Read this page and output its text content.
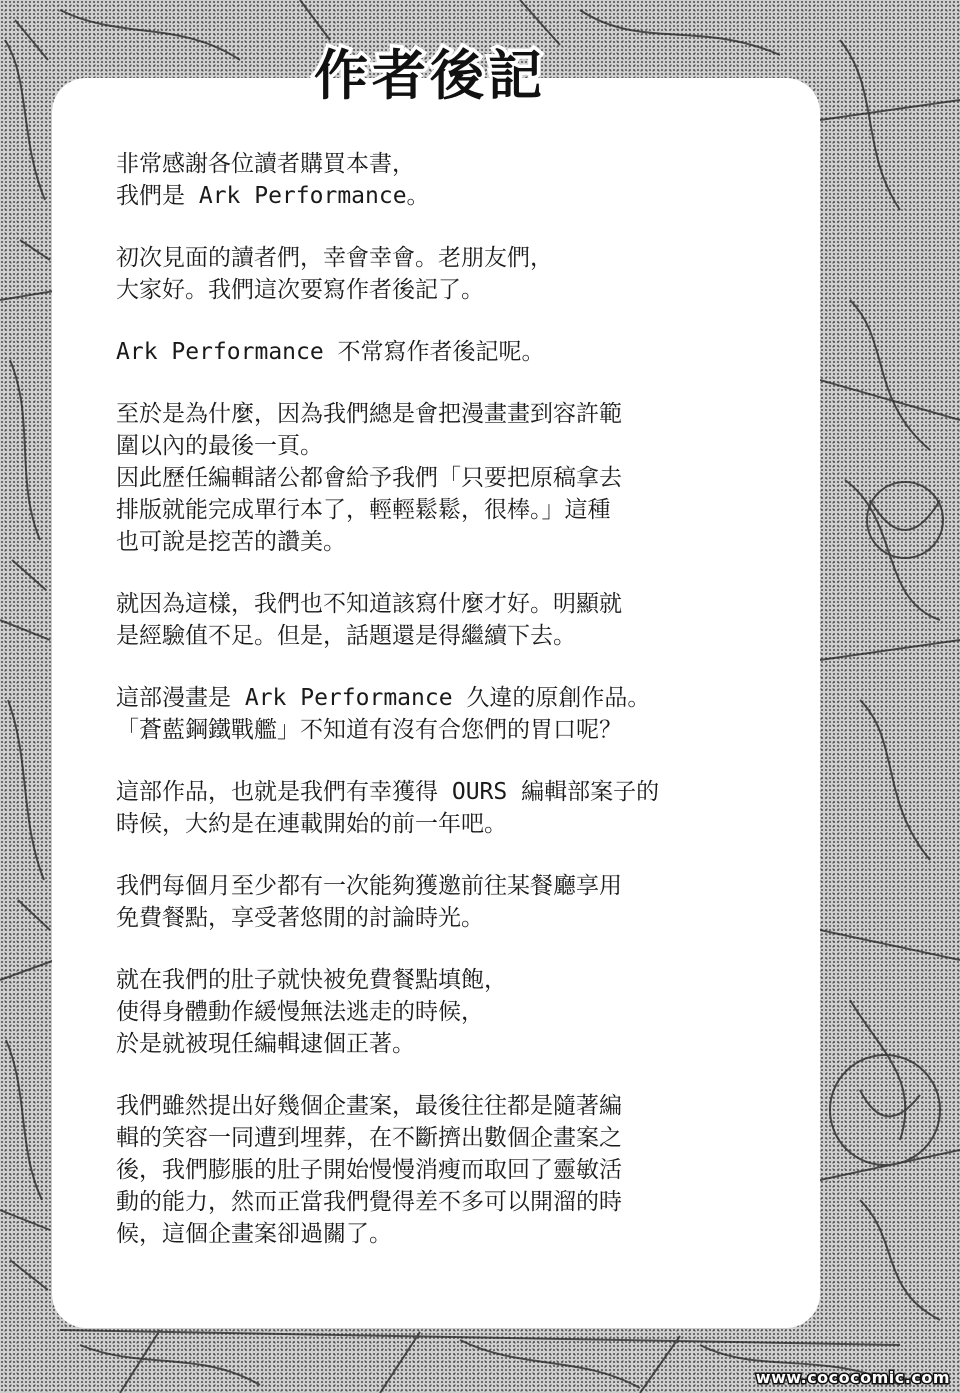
作者後記
非常感謝各位讀者購買本書，
我們是 Ark Performance。
初次見面的讀者們，幸會幸會。老朋友們，
大家好。我們這次要寫作者後記了。
Ark Performance 不常寫作者後記呢。
至於是為什麼，因為我們總是會把漫畫畫到容許範
圍以內的最後一頁。
因此歷任編輯諸公都會給予我們「只要把原稿拿去
排版就能完成單行本了，輕輕鬆鬆，很棒。」這種
也可說是挖苦的讚美。
就因為這樣，我們也不知道該寫什麼才好。明顯就
是經驗值不足。但是，話題還是得繼續下去。
這部漫畫是 Ark Performance 久違的原創作品。
「蒼藍鋼鐵戰艦」不知道有沒有合您們的胃口呢？
這部作品，也就是我們有幸獲得 OURS 編輯部案子的
時候，大約是在連載開始的前一年吧。
我們每個月至少都有一次能夠獲邀前往某餐廳享用
免費餐點，享受著悠閒的討論時光。
就在我們的肚子就快被免費餐點填飽，
使得身體動作緩慢無法逃走的時候，
於是就被現任編輯逮個正著。
我們雖然提出好幾個企畫案，最後往往都是隨著編
輯的笑容一同遭到埋葬，在不斷擠出數個企畫案之
後，我們膨脹的肚子開始慢慢消瘦而取回了靈敏活
動的能力，然而正當我們覺得差不多可以開溜的時
候，這個企畫案卻過關了。
www.cococomic.com
